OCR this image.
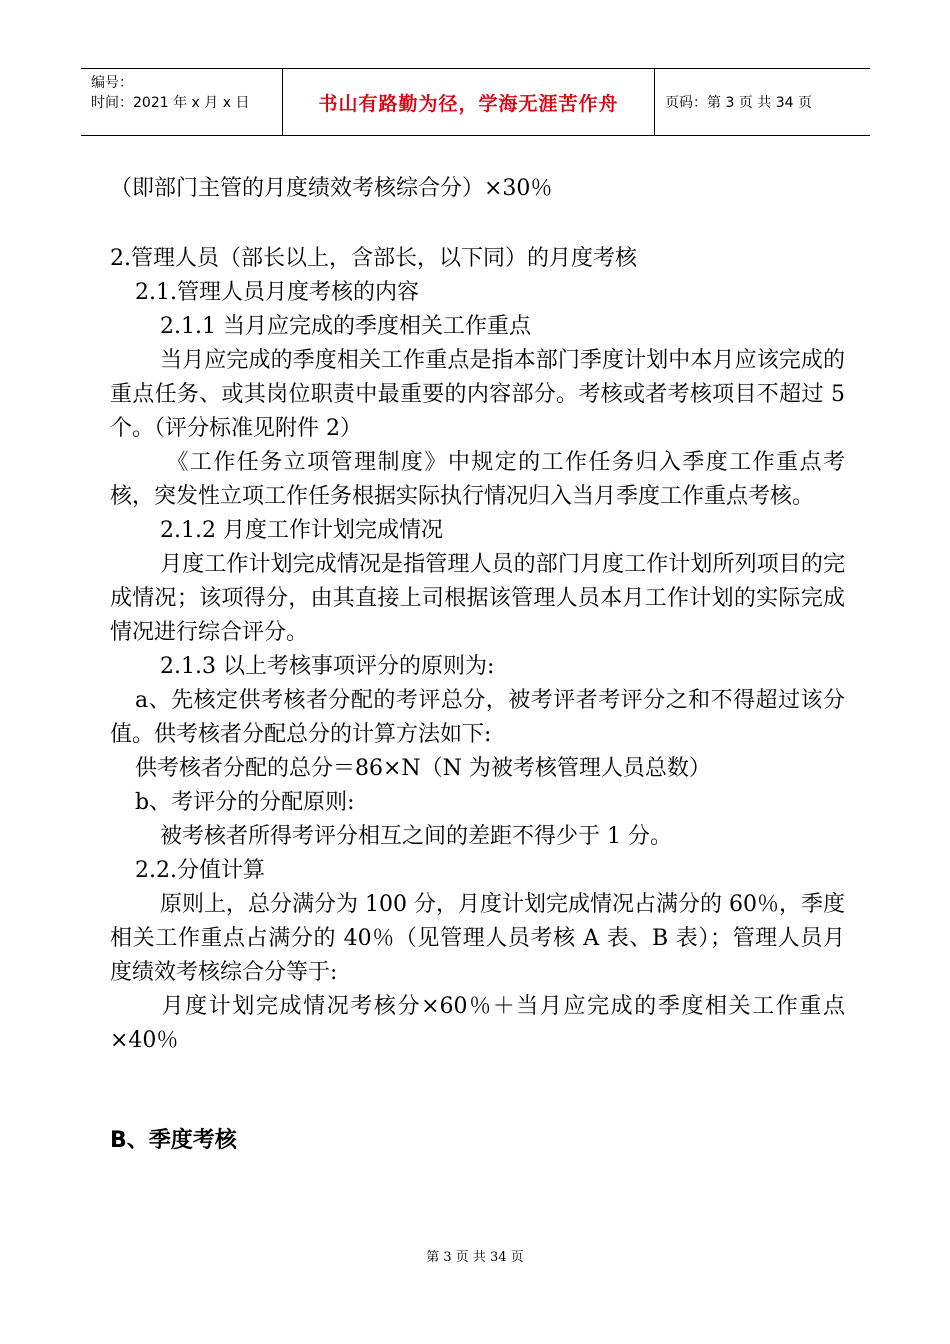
编号：
时间：2021 年 x 月 x 日	书山有路勤为径，学海无涯苦作舟	页码：第 3 页 共 34 页
（即部门主管的月度绩效考核综合分）×30％
2.管理人员（部长以上，含部长，以下同）的月度考核
2.1.管理人员月度考核的内容
2.1.1 当月应完成的季度相关工作重点

当月应完成的季度相关工作重点是指本部门季度计划中本月应该完成的重点任务、或其岗位职责中最重要的内容部分。考核或者考核项目不超过 5 个。（评分标准见附件 2）

《工作任务立项管理制度》中规定的工作任务归入季度工作重点考核，突发性立项工作任务根据实际执行情况归入当月季度工作重点考核。

2.1.2 月度工作计划完成情况

月度工作计划完成情况是指管理人员的部门月度工作计划所列项目的完成情况；该项得分，由其直接上司根据该管理人员本月工作计划的实际完成情况进行综合评分。

2.1.3 以上考核事项评分的原则为:

a、先核定供考核者分配的考评总分，被考评者考评分之和不得超过该分值。供考核者分配总分的计算方法如下:

供考核者分配的总分＝86×N（N 为被考核管理人员总数）
b、考评分的分配原则:
被考核者所得考评分相互之间的差距不得少于 1 分。
2.2.分值计算

原则上，总分满分为 100 分，月度计划完成情况占满分的 60％，季度相关工作重点占满分的 40％（见管理人员考核 A 表、B 表）；管理人员月度绩效考核综合分等于:

月度计划完成情况考核分×60％＋当月应完成的季度相关工作重点×40％

B、季度考核
第 3 页 共 34 页
